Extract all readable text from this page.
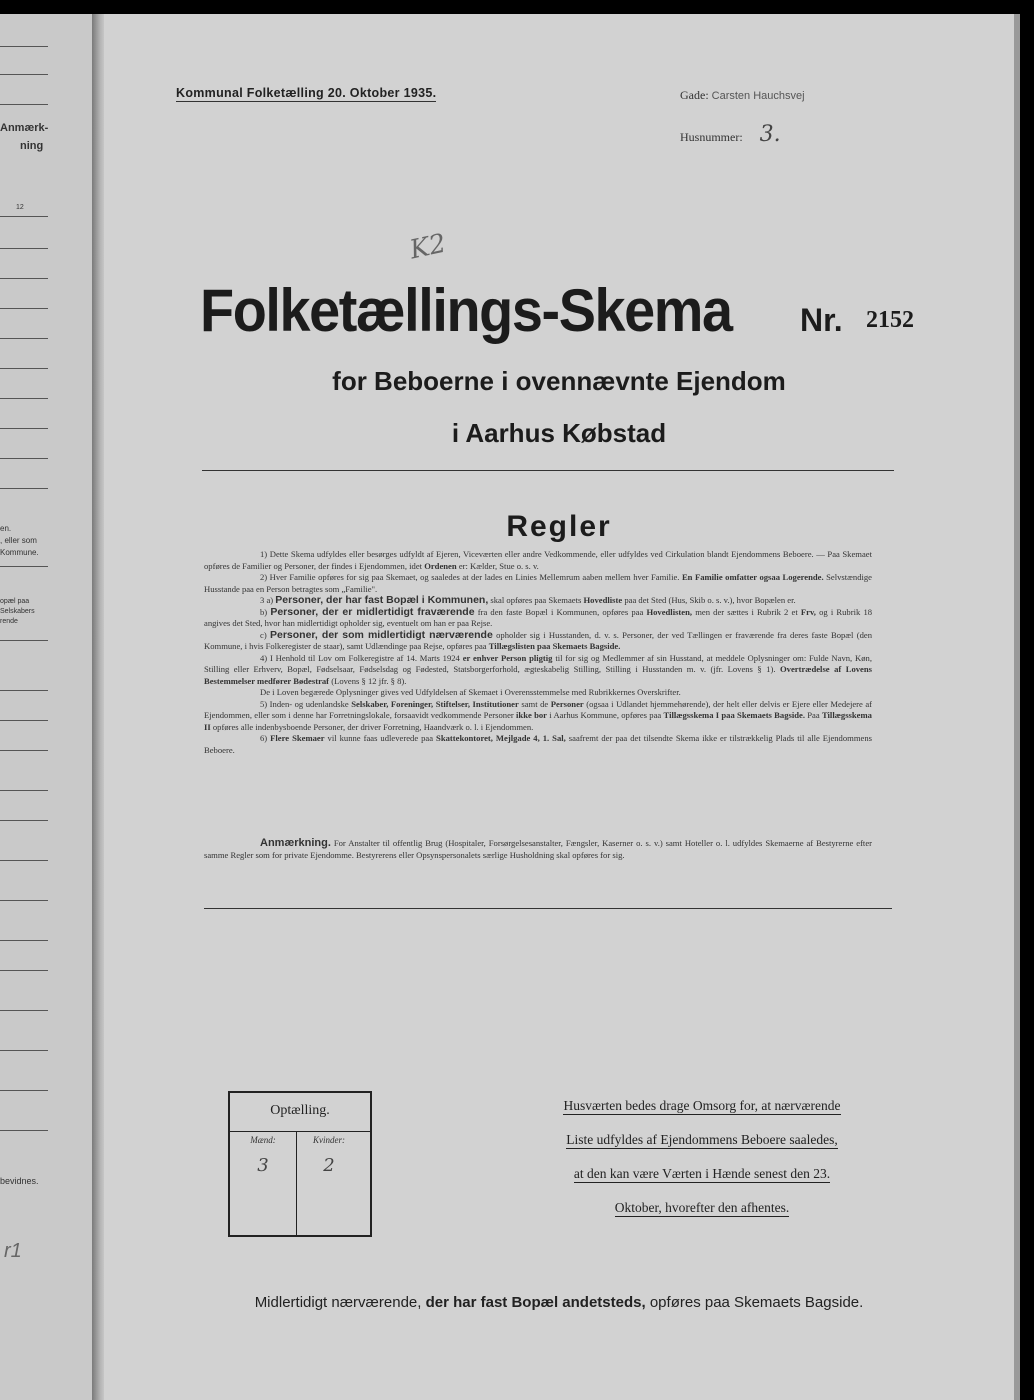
Anmærk-
ning
12
en.
, eller som
Kommune.
opæl paa
Selskabers
rende
bevidnes.
r1
Kommunal Folketælling 20. Oktober 1935.	Gade: Carsten Hauchsvej
Husnummer: 3.
K2
Folketællings-Skema Nr. 2152
for Beboerne i ovennævnte Ejendom
i Aarhus Købstad
Regler

1) Dette Skema udfyldes eller besørges udfyldt af Ejeren, Viceværten eller andre Vedkommende, eller udfyldes ved Cirkulation blandt Ejendommens Beboere. — Paa Skemaet opføres de Familier og Personer, der findes i Ejendommen, idet Ordenen er: Kælder, Stue o. s. v.

2) Hver Familie opføres for sig paa Skemaet, og saaledes at der lades en Linies Mellemrum aaben mellem hver Familie. En Familie omfatter ogsaa Logerende. Selvstændige Husstande paa en Person betragtes som „Familie".

3 a) Personer, der har fast Bopæl i Kommunen, skal opføres paa Skemaets Hovedliste paa det Sted (Hus, Skib o. s. v.), hvor Bopælen er.

b) Personer, der er midlertidigt fraværende fra den faste Bopæl i Kommunen, opføres paa Hovedlisten, men der sættes i Rubrik 2 et Frv, og i Rubrik 18 angives det Sted, hvor han midlertidigt opholder sig, eventuelt om han er paa Rejse.

c) Personer, der som midlertidigt nærværende opholder sig i Husstanden, d. v. s. Personer, der ved Tællingen er fraværende fra deres faste Bopæl (den Kommune, i hvis Folkeregister de staar), samt Udlændinge paa Rejse, opføres paa Tillægslisten paa Skemaets Bagside.

4) I Henhold til Lov om Folkeregistre af 14. Marts 1924 er enhver Person pligtig til for sig og Medlemmer af sin Husstand, at meddele Oplysninger om: Fulde Navn, Køn, Stilling eller Erhverv, Bopæl, Fødselsaar, Fødselsdag og Fødested, Statsborgerforhold, ægteskabelig Stilling, Stilling i Husstanden m. v. (jfr. Lovens § 1). Overtrædelse af Lovens Bestemmelser medfører Bødestraf (Lovens § 12 jfr. § 8).

De i Loven begærede Oplysninger gives ved Udfyldelsen af Skemaet i Overensstemmelse med Rubrikkernes Overskrifter.

5) Inden- og udenlandske Selskaber, Foreninger, Stiftelser, Institutioner samt de Personer (ogsaa i Udlandet hjemmehørende), der helt eller delvis er Ejere eller Medejere af Ejendommen, eller som i denne har Forretningslokale, forsaavidt vedkommende Personer ikke bor i Aarhus Kommune, opføres paa Tillægsskema I paa Skemaets Bagside. Paa Tillægsskema II opføres alle indenbysboende Personer, der driver Forretning, Haandværk o. l. i Ejendommen.

6) Flere Skemaer vil kunne faas udleverede paa Skattekontoret, Mejlgade 4, 1. Sal, saafremt der paa det tilsendte Skema ikke er tilstrækkelig Plads til alle Ejendommens Beboere.

Anmærkning. For Anstalter til offentlig Brug (Hospitaler, Forsørgelsesanstalter, Fængsler, Kaserner o. s. v.) samt Hoteller o. l. udfyldes Skemaerne af Bestyrerne efter samme Regler som for private Ejendomme. Bestyrerens eller Opsynspersonalets særlige Husholdning skal opføres for sig.
Optælling.
Mænd:	Kvinder:
3	2
Husværten bedes drage Omsorg for, at nærværende
Liste udfyldes af Ejendommens Beboere saaledes,
at den kan være Værten i Hænde senest den 23.
Oktober, hvorefter den afhentes.
Midlertidigt nærværende, der har fast Bopæl andetsteds, opføres paa Skemaets Bagside.
